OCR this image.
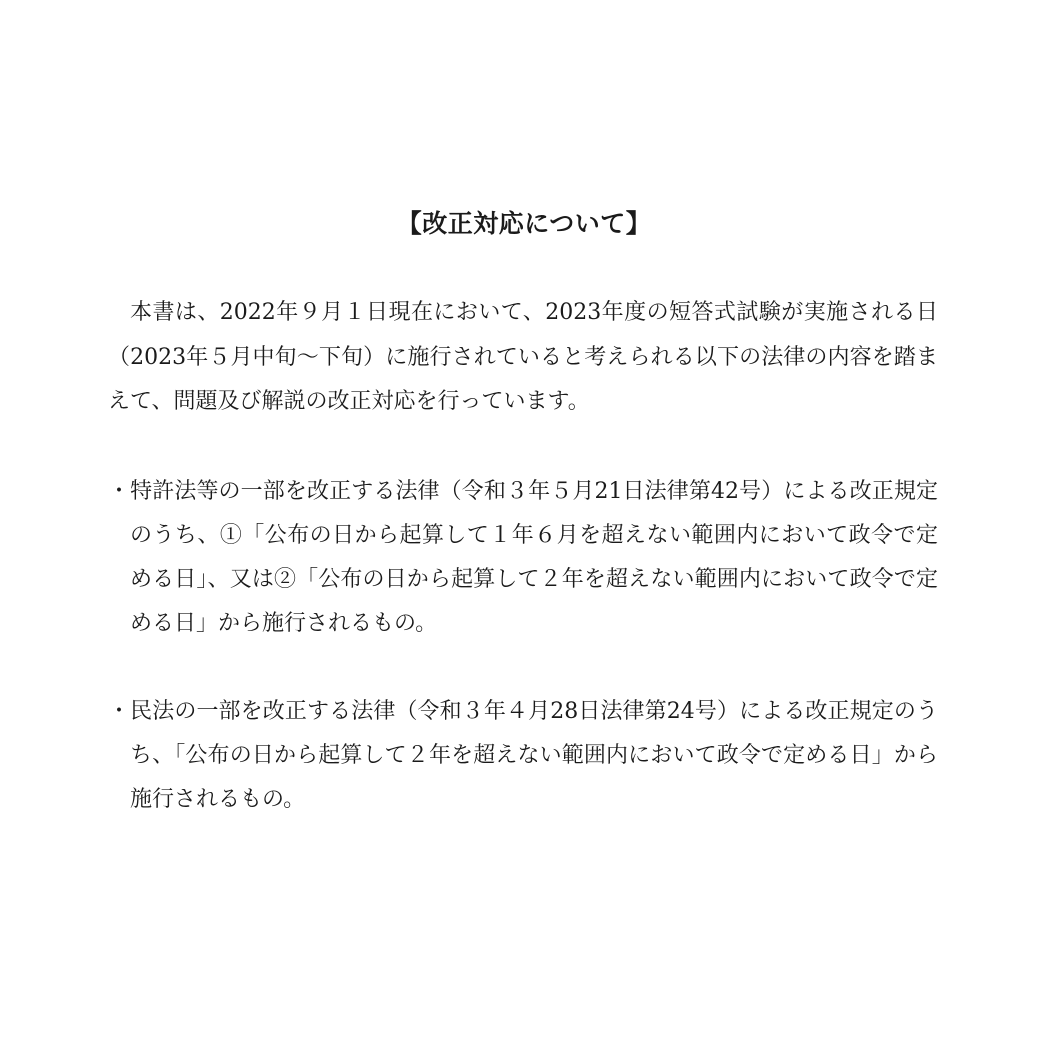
【改正対応について】

本書は、2022年９月１日現在において、2023年度の短答式試験が実施される日（2023年５月中旬～下旬）に施行されていると考えられる以下の法律の内容を踏まえて、問題及び解説の改正対応を行っています。

・特許法等の一部を改正する法律（令和３年５月21日法律第42号）による改正規定のうち、①「公布の日から起算して１年６月を超えない範囲内において政令で定める日」、又は②「公布の日から起算して２年を超えない範囲内において政令で定める日」から施行されるもの。

・民法の一部を改正する法律（令和３年４月28日法律第24号）による改正規定のうち、「公布の日から起算して２年を超えない範囲内において政令で定める日」から施行されるもの。
